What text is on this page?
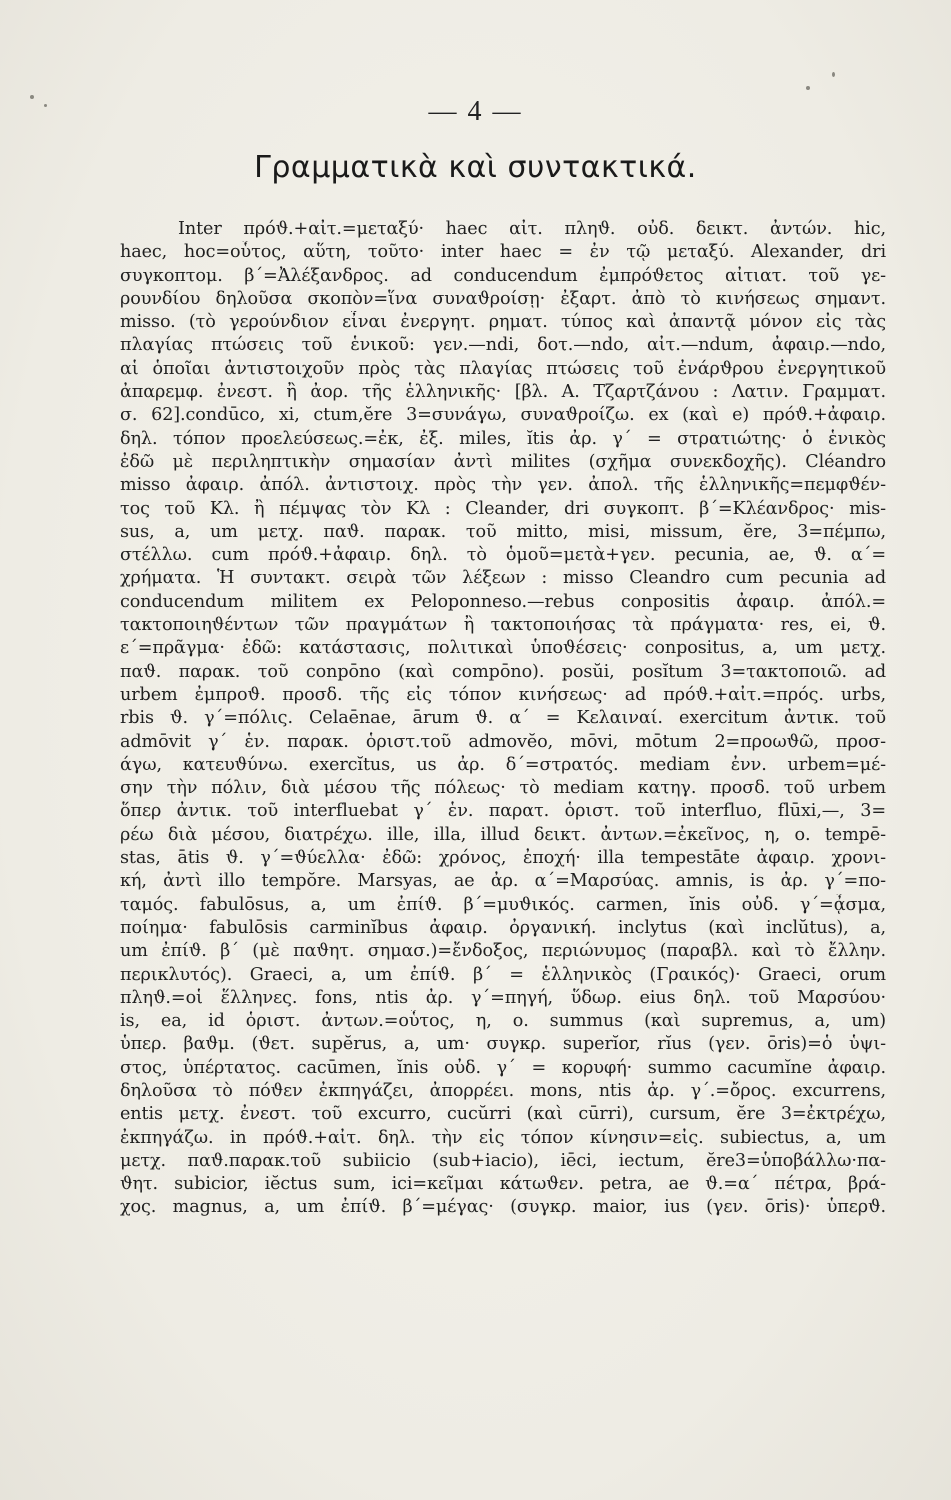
— 4 —
Γραμματικὰ καὶ συντακτικά.
Inter πρόϑ.+αἰτ.=μεταξύ· haec αἰτ. πληϑ. οὐδ. δεικτ. ἀντών. hic,
haec, hoc=οὗτος, αὕτη, τοῦτο· inter haec = ἐν τῷ μεταξύ. Alexander, dri
συγκοπτομ. β΄=Ἀλέξανδρος. ad conducendum ἐμπρόϑετος αἰτιατ. τοῦ γε-
ρουνδίου δηλοῦσα σκοπὸν=ἵνα συναϑροίσῃ· ἐξαρτ. ἀπὸ τὸ κινήσεως σημαντ.
misso. (τὸ γερούνδιον εἶναι ἐνεργητ. ρηματ. τύπος καὶ ἀπαντᾷ μόνον εἰς τὰς
πλαγίας πτώσεις τοῦ ἑνικοῦ: γεν.—ndi, δοτ.—ndo, αἰτ.—ndum, ἀφαιρ.—ndo,
αἱ ὁποῖαι ἀντιστοιχοῦν πρὸς τὰς πλαγίας πτώσεις τοῦ ἐνάρϑρου ἐνεργητικοῦ
ἀπαρεμφ. ἐνεστ. ἢ ἀορ. τῆς ἑλληνικῆς· [βλ. Α. Τζαρτζάνου : Λατιν. Γραμματ.
σ. 62].condūco, xi, ctum,ĕre 3=συνάγω, συναϑροίζω. ex (καὶ e) πρόϑ.+ἀφαιρ.
δηλ. τόπον προελεύσεως.=ἐκ, ἐξ. miles, ĭtis ἀρ. γ΄ = στρατιώτης· ὁ ἑνικὸς
ἐδῶ μὲ περιληπτικὴν σημασίαν ἀντὶ milites (σχῆμα συνεκδοχῆς). Cléandro
misso ἀφαιρ. ἀπόλ. ἀντιστοιχ. πρὸς τὴν γεν. ἀπολ. τῆς ἑλληνικῆς=πεμφϑέν-
τος τοῦ Κλ. ἢ πέμψας τὸν Κλ : Cleander, dri συγκοπτ. β΄=Κλέανδρος· mis-
sus, a, um μετχ. παϑ. παρακ. τοῦ mitto, misi, missum, ĕre, 3=πέμπω,
στέλλω. cum πρόϑ.+ἀφαιρ. δηλ. τὸ ὁμοῦ=μετὰ+γεν. pecunia, ae, ϑ. α΄=
χρήματα. Ἡ συντακτ. σειρὰ τῶν λέξεων : misso Cleandro cum pecunia ad
conducendum militem ex Peloponneso.—rebus conpositis ἀφαιρ. ἀπόλ.=
τακτοποιηϑέντων τῶν πραγμάτων ἢ τακτοποιήσας τὰ πράγματα· res, ei, ϑ.
ε΄=πρᾶγμα· ἐδῶ: κατάστασις, πολιτικαὶ ὑποϑέσεις· conpositus, a, um μετχ.
παϑ. παρακ. τοῦ conpōno (καὶ compōno). posŭi, posĭtum 3=τακτοποιῶ. ad
urbem ἐμπροϑ. προσδ. τῆς εἰς τόπον κινήσεως· ad πρόϑ.+αἰτ.=πρός. urbs,
rbis ϑ. γ΄=πόλις. Celaēnae, ārum ϑ. α΄ = Κελαιναί. exercitum ἀντικ. τοῦ
admōvit γ΄ ἑν. παρακ. ὁριστ.τοῦ admovĕo, mōvi, mōtum 2=προωϑῶ, προσ-
άγω, κατευϑύνω. exercĭtus, us ἀρ. δ΄=στρατός. mediam ἐνν. urbem=μέ-
σην τὴν πόλιν, διὰ μέσου τῆς πόλεως· τὸ mediam κατηγ. προσδ. τοῦ urbem
ὅπερ ἀντικ. τοῦ interfluebat γ΄ ἑν. παρατ. ὁριστ. τοῦ interfluo, flūxi,—, 3=
ρέω διὰ μέσου, διατρέχω. ille, illa, illud δεικτ. ἀντων.=ἐκεῖνος, η, ο. tempē-
stas, ātis ϑ. γ΄=ϑύελλα· ἐδῶ: χρόνος, ἐποχή· illa tempestāte ἀφαιρ. χρονι-
κή, ἀντὶ illo tempŏre. Marsyas, ae ἀρ. α΄=Μαρσύας. amnis, is ἀρ. γ΄=πο-
ταμός. fabulōsus, a, um ἐπίϑ. β΄=μυϑικός. carmen, ĭnis οὐδ. γ΄=ᾆσμα,
ποίημα· fabulōsis carminĭbus ἀφαιρ. ὀργανική. inclytus (καὶ inclŭtus), a,
um ἐπίϑ. β΄ (μὲ παϑητ. σημασ.)=ἔνδοξος, περιώνυμος (παραβλ. καὶ τὸ ἔλλην.
περικλυτός). Graeci, a, um ἐπίϑ. β΄ = ἑλληνικὸς (Γραικός)· Graeci, orum
πληϑ.=οἱ ἕλληνες. fons, ntis ἀρ. γ΄=πηγή, ὕδωρ. eius δηλ. τοῦ Μαρσύου·
is, ea, id ὁριστ. ἀντων.=οὗτος, η, ο. summus (καὶ supremus, a, um)
ὑπερ. βαϑμ. (ϑετ. supĕrus, a, um· συγκρ. superĭor, rĭus (γεν. ōris)=ὁ ὑψι-
στος, ὑπέρτατος. cacūmen, ĭnis οὐδ. γ΄ = κορυφή· summo cacumĭne ἀφαιρ.
δηλοῦσα τὸ πόϑεν ἐκπηγάζει, ἀπορρέει. mons, ntis ἀρ. γ΄.=ὄρος. excurrens,
entis μετχ. ἐνεστ. τοῦ excurro, cucŭrri (καὶ cūrri), cursum, ĕre 3=ἐκτρέχω,
ἐκπηγάζω. in πρόϑ.+αἰτ. δηλ. τὴν εἰς τόπον κίνησιν=εἰς. subiectus, a, um
μετχ. παϑ.παρακ.τοῦ subiicio (sub+iacio), iēci, iectum, ĕre3=ὑποβάλλω·πα-
ϑητ. subicior, iĕctus sum, ici=κεῖμαι κάτωϑεν. petra, ae ϑ.=α΄ πέτρα, βρά-
χος. magnus, a, um ἐπίϑ. β΄=μέγας· (συγκρ. maior, ius (γεν. ōris)· ὑπερϑ.
